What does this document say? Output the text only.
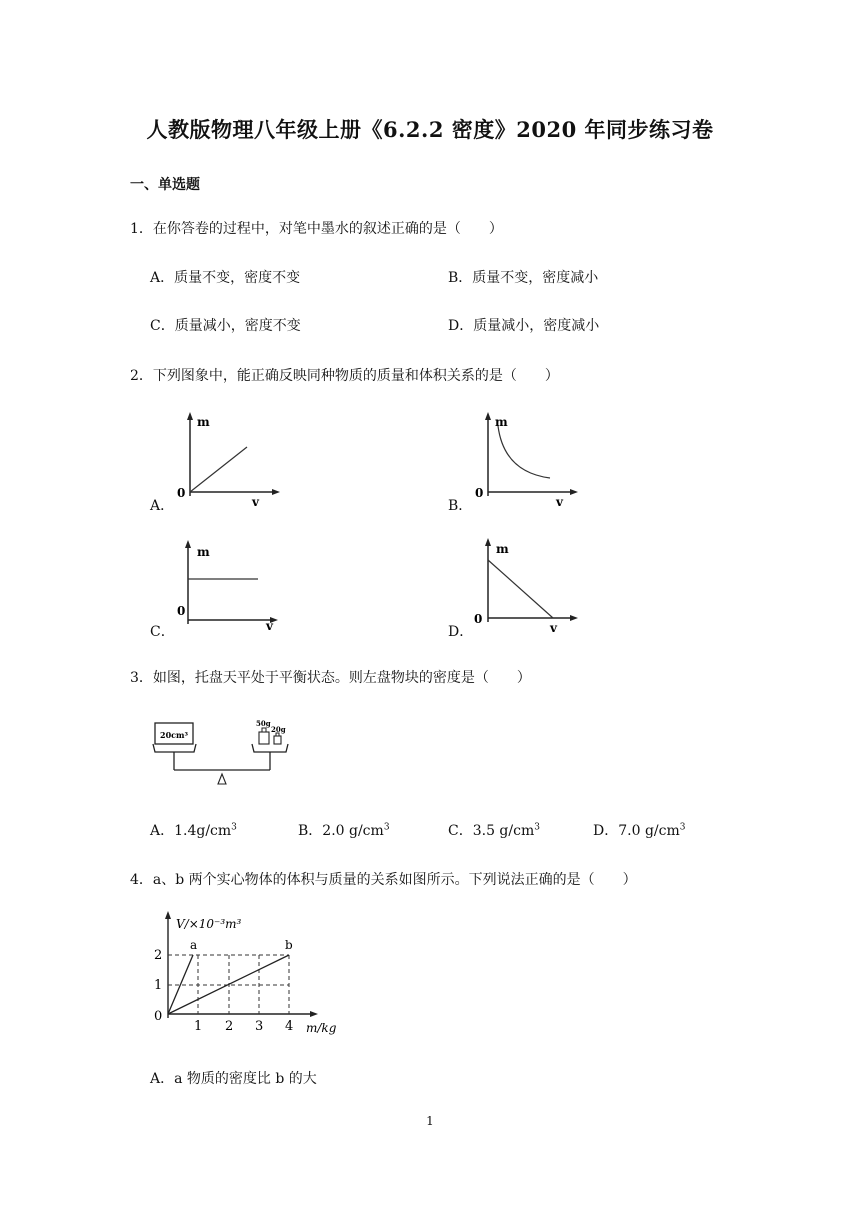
人教版物理八年级上册《6.2.2 密度》2020 年同步练习卷
一、单选题
1．在你答卷的过程中，对笔中墨水的叙述正确的是（　　）
A．质量不变，密度不变	B．质量不变，密度减小
C．质量减小，密度不变	D．质量减小，密度减小
2．下列图象中，能正确反映同种物质的质量和体积关系的是（　　）
A．
m
0
v	B．
m
0
v
C．
m
0
v	D．
m
0
v
3．如图，托盘天平处于平衡状态。则左盘物块的密度是（　　）
20cm³
50g
20g
A．$1.4g/cm^3$	B．2.0 $g/cm^3$	C．3.5 $g/cm^3$	D．7.0 $g/cm^3$
4．a、b 两个实心物体的体积与质量的关系如图所示。下列说法正确的是（　　）
V/×10⁻³m³
a	b
2
1
0
1 2 3 4 m/kg
A．a 物质的密度比 b 的大
1
